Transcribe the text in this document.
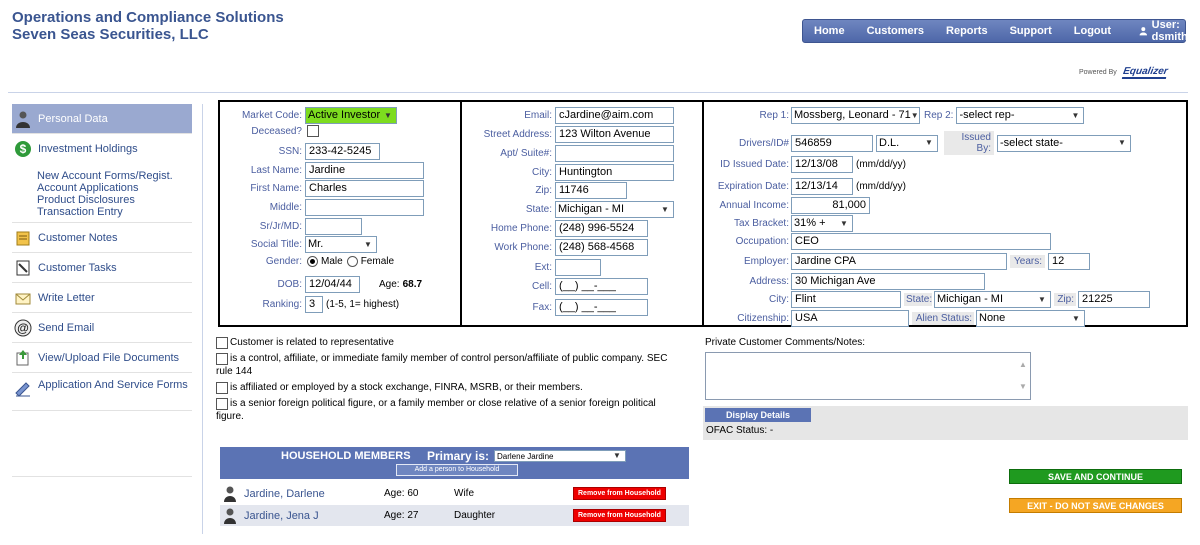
Operations and Compliance Solutions
Seven Seas Securities, LLC	Home	Customers	Reports	Support	Logout	User: dsmith
Powered By Equalizer
Personal Data
$ Investment Holdings
New Account Forms/Regist.
Account Applications
Product Disclosures
Transaction Entry
Customer Notes
Customer Tasks
Write Letter
@ Send Email
View/Upload File Documents
Application And Service Forms
Market Code: Active Investor ▼
Deceased?
SSN: 233-42-5245
Last Name: Jardine
First Name: Charles
Middle:
Sr/Jr/MD:
Social Title: Mr.	▼
Gender: Male Female
DOB: 12/04/44	Age: 68.7
Ranking: 3	(1-5, 1= highest)
Email: cJardine@aim.com
Street Address: 123 Wilton Avenue
Apt/ Suite#:
City: Huntington
Zip: 11746
State: Michigan - MI	▼
Home Phone: (248) 996-5524
Work Phone: (248) 568-4568
Ext:
Cell: (__) __-___
Fax: (__) __-___
Rep 1: Mossberg, Leonard - 71 ▼ Rep 2: -select rep-	▼
Drivers/ID# 546859	D.L.	▼	Issued By: -select state-	▼
ID Issued Date: 12/13/08	(mm/dd/yy)
Expiration Date: 12/13/14	(mm/dd/yy)
Annual Income:	81,000
Tax Bracket: 31% + ▼
Occupation: CEO
Employer: Jardine CPA	Years: 12
Address: 30 Michigan Ave
City: Flint	State: Michigan - MI	▼	Zip: 21225
Citizenship: USA	Alien Status: None	▼
Customer is related to representative
is a control, affiliate, or immediate family member of control person/affiliate of public company. SEC
rule 144
is affiliated or employed by a stock exchange, FINRA, MSRB, or their members.
is a senior foreign political figure, or a family member or close relative of a senior foreign political
figure.
Private Customer Comments/Notes:
▲
▼
Display Details
OFAC Status: -
HOUSEHOLD MEMBERS Primary is: Darlene Jardine	▼
Add a person to Household
Jardine, Darlene	Age: 60	Wife	Remove from Household
Jardine, Jena J	Age: 27	Daughter	Remove from Household
SAVE AND CONTINUE
EXIT - DO NOT SAVE CHANGES
